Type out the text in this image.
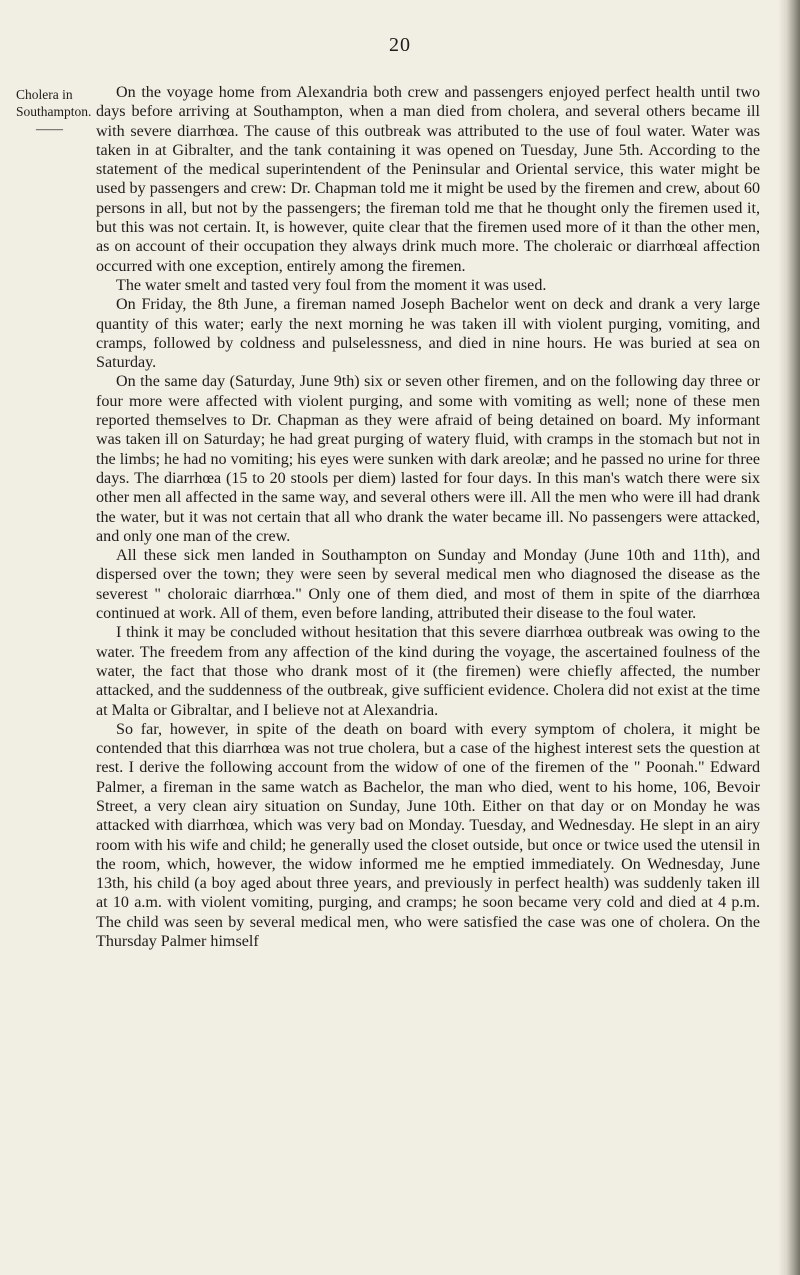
20
Cholera in
Southampton.

——

On the voyage home from Alexandria both crew and passengers enjoyed perfect health until two days before arriving at Southampton, when a man died from cholera, and several others became ill with severe diarrhœa. The cause of this outbreak was attributed to the use of foul water. Water was taken in at Gibralter, and the tank containing it was opened on Tuesday, June 5th. According to the statement of the medical superintendent of the Peninsular and Oriental service, this water might be used by passengers and crew: Dr. Chapman told me it might be used by the firemen and crew, about 60 persons in all, but not by the passengers; the fireman told me that he thought only the firemen used it, but this was not certain. It, is however, quite clear that the firemen used more of it than the other men, as on account of their occupation they always drink much more. The choleraic or diarrhœal affection occurred with one exception, entirely among the firemen.

The water smelt and tasted very foul from the moment it was used.

On Friday, the 8th June, a fireman named Joseph Bachelor went on deck and drank a very large quantity of this water; early the next morning he was taken ill with violent purging, vomiting, and cramps, followed by coldness and pulselessness, and died in nine hours. He was buried at sea on Saturday.

On the same day (Saturday, June 9th) six or seven other firemen, and on the following day three or four more were affected with violent purging, and some with vomiting as well; none of these men reported themselves to Dr. Chapman as they were afraid of being detained on board. My informant was taken ill on Saturday; he had great purging of watery fluid, with cramps in the stomach but not in the limbs; he had no vomiting; his eyes were sunken with dark areolæ; and he passed no urine for three days. The diarrhœa (15 to 20 stools per diem) lasted for four days. In this man's watch there were six other men all affected in the same way, and several others were ill. All the men who were ill had drank the water, but it was not certain that all who drank the water became ill. No passengers were attacked, and only one man of the crew.

All these sick men landed in Southampton on Sunday and Monday (June 10th and 11th), and dispersed over the town; they were seen by several medical men who diagnosed the disease as the severest " choloraic diarrhœa." Only one of them died, and most of them in spite of the diarrhœa continued at work. All of them, even before landing, attributed their disease to the foul water.

I think it may be concluded without hesitation that this severe diarrhœa outbreak was owing to the water. The freedem from any affection of the kind during the voyage, the ascertained foulness of the water, the fact that those who drank most of it (the firemen) were chiefly affected, the number attacked, and the suddenness of the outbreak, give sufficient evidence. Cholera did not exist at the time at Malta or Gibraltar, and I believe not at Alexandria.

So far, however, in spite of the death on board with every symptom of cholera, it might be contended that this diarrhœa was not true cholera, but a case of the highest interest sets the question at rest. I derive the following account from the widow of one of the firemen of the " Poonah." Edward Palmer, a fireman in the same watch as Bachelor, the man who died, went to his home, 106, Bevoir Street, a very clean airy situation on Sunday, June 10th. Either on that day or on Monday he was attacked with diarrhœa, which was very bad on Monday. Tuesday, and Wednesday. He slept in an airy room with his wife and child; he generally used the closet outside, but once or twice used the utensil in the room, which, however, the widow informed me he emptied immediately. On Wednesday, June 13th, his child (a boy aged about three years, and previously in perfect health) was suddenly taken ill at 10 a.m. with violent vomiting, purging, and cramps; he soon became very cold and died at 4 p.m. The child was seen by several medical men, who were satisfied the case was one of cholera. On the Thursday Palmer himself
